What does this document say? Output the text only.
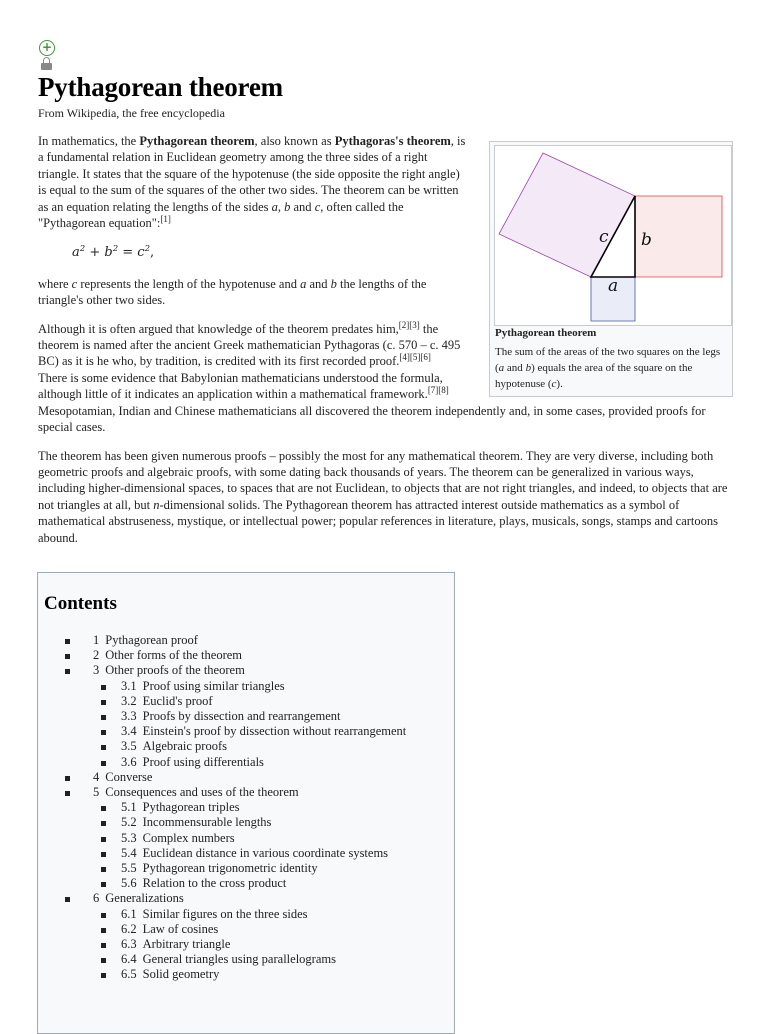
+
Pythagorean theorem
From Wikipedia, the free encyclopedia
c b
a
Pythagorean theorem
The sum of the areas of the two squares on the legs (a and b) equals the area of the square on the hypotenuse (c).

In mathematics, the Pythagorean theorem, also known as Pythagoras's theorem, is a fundamental relation in Euclidean geometry among the three sides of a right triangle. It states that the square of the hypotenuse (the side opposite the right angle) is equal to the sum of the squares of the other two sides. The theorem can be written as an equation relating the lengths of the sides a, b and c, often called the "Pythagorean equation":[1]

$a^2 + b^2 = c^2$,

where c represents the length of the hypotenuse and a and b the lengths of the triangle's other two sides.

Although it is often argued that knowledge of the theorem predates him,[2][3] the theorem is named after the ancient Greek mathematician Pythagoras (c. 570 – c. 495 BC) as it is he who, by tradition, is credited with its first recorded proof.[4][5][6] There is some evidence that Babylonian mathematicians understood the formula, although little of it indicates an application within a mathematical framework.[7][8] Mesopotamian, Indian and Chinese mathematicians all discovered the theorem independently and, in some cases, provided proofs for special cases.

The theorem has been given numerous proofs – possibly the most for any mathematical theorem. They are very diverse, including both geometric proofs and algebraic proofs, with some dating back thousands of years. The theorem can be generalized in various ways, including higher-dimensional spaces, to spaces that are not Euclidean, to objects that are not right triangles, and indeed, to objects that are not triangles at all, but n-dimensional solids. The Pythagorean theorem has attracted interest outside mathematics as a symbol of mathematical abstruseness, mystique, or intellectual power; popular references in literature, plays, musicals, songs, stamps and cartoons abound.

Contents
1 Pythagorean proof
2 Other forms of the theorem
3 Other proofs of the theorem
3.1 Proof using similar triangles
3.2 Euclid's proof
3.3 Proofs by dissection and rearrangement
3.4 Einstein's proof by dissection without rearrangement
3.5 Algebraic proofs
3.6 Proof using differentials
4 Converse
5 Consequences and uses of the theorem
5.1 Pythagorean triples
5.2 Incommensurable lengths
5.3 Complex numbers
5.4 Euclidean distance in various coordinate systems
5.5 Pythagorean trigonometric identity
5.6 Relation to the cross product
6 Generalizations
6.1 Similar figures on the three sides
6.2 Law of cosines
6.3 Arbitrary triangle
6.4 General triangles using parallelograms
6.5 Solid geometry
